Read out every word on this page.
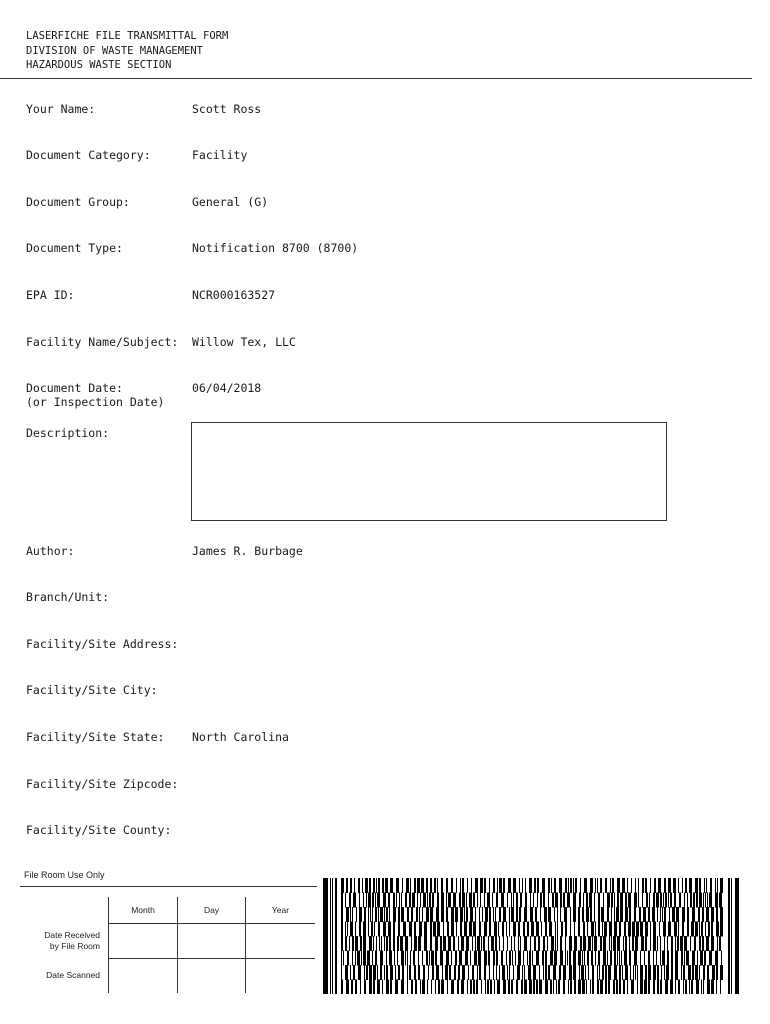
LASERFICHE FILE TRANSMITTAL FORM
DIVISION OF WASTE MANAGEMENT
HAZARDOUS WASTE SECTION
Your Name:	Scott Ross
Document Category:	Facility
Document Group:	General (G)
Document Type:	Notification 8700 (8700)
EPA ID:	NCR000163527
Facility Name/Subject: Willow Tex, LLC
Document Date:
(or Inspection Date)
06/04/2018
Description:
Author:	James R. Burbage
Branch/Unit:
Facility/Site Address:
Facility/Site City:
Facility/Site State: North Carolina
Facility/Site Zipcode:
Facility/Site County:
File Room Use Only
	Month	Day	Year

Date Received
by File Room			

Date Scanned			
